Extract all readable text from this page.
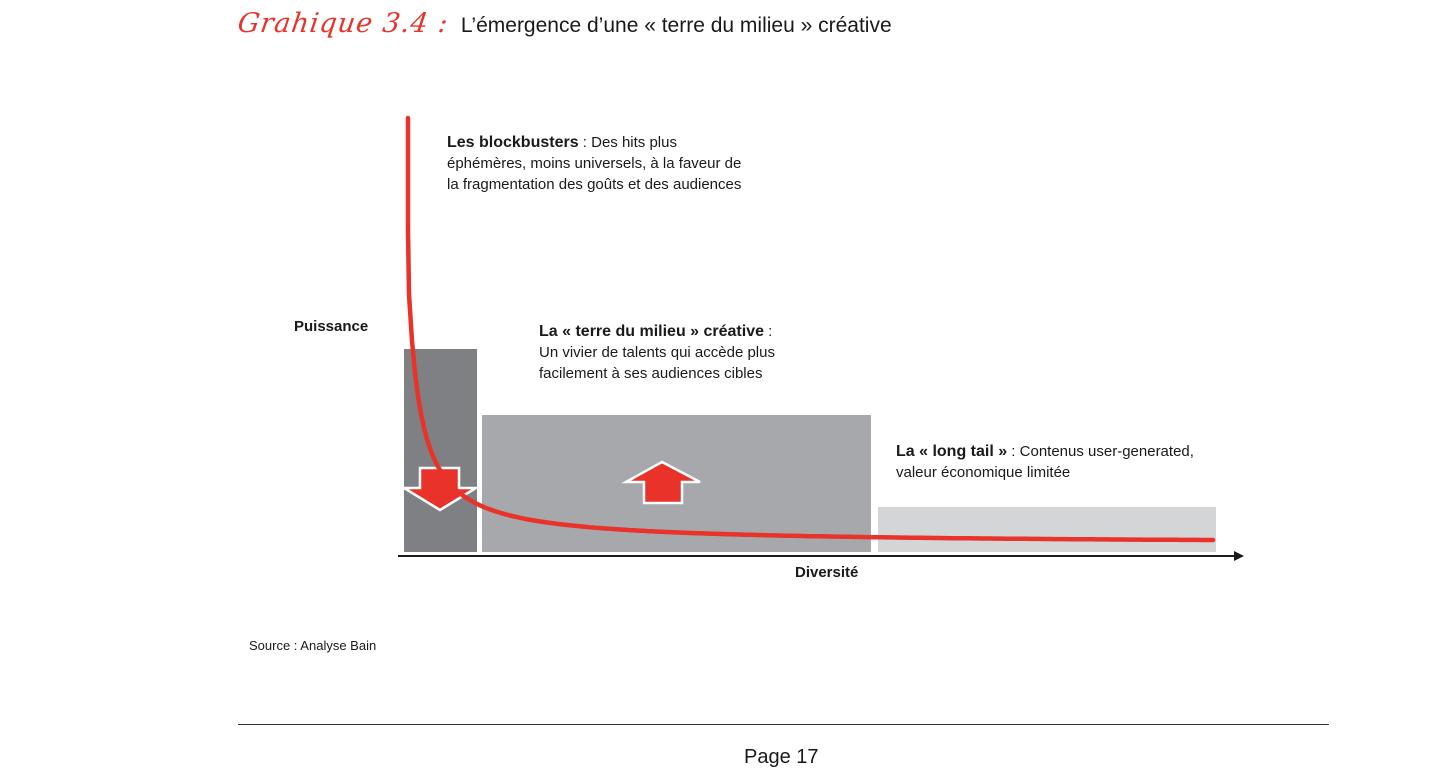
Grahique 3.4 : L’émergence d’une « terre du milieu » créative
Les blockbusters : Des hits plus
éphémères, moins universels, à la faveur de
la fragmentation des goûts et des audiences
La « terre du milieu » créative :
Un vivier de talents qui accède plus
facilement à ses audiences cibles
La « long tail » : Contenus user-generated,
valeur économique limitée
Puissance
Diversité
Source : Analyse Bain
Page 17
